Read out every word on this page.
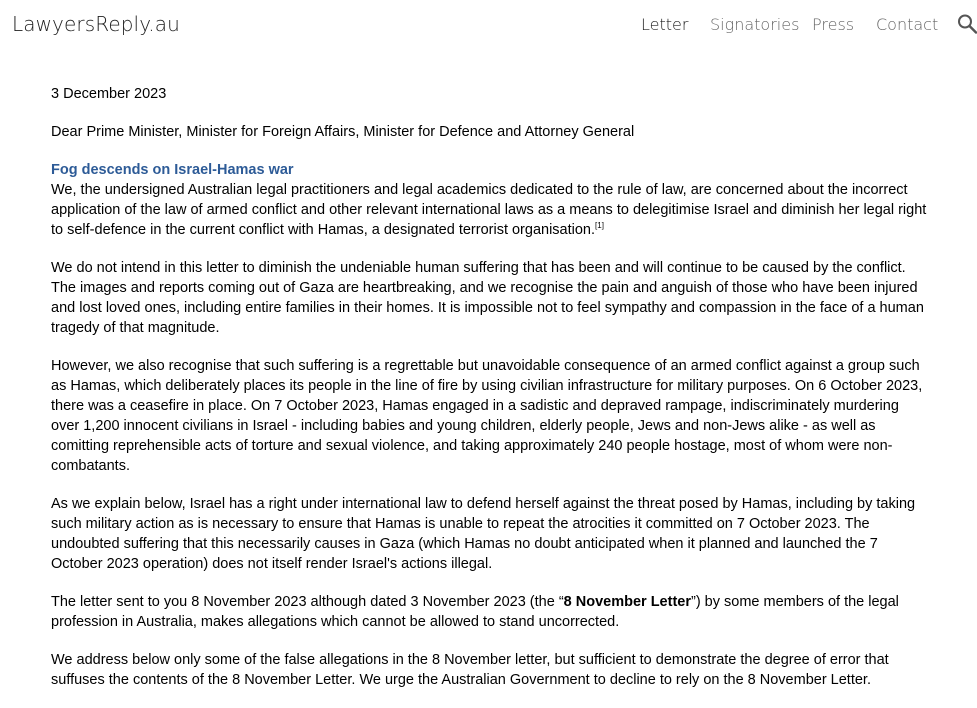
LawyersReply.au	Letter Signatories Press Contact

3 December 2023

Dear Prime Minister, Minister for Foreign Affairs, Minister for Defence and Attorney General

Fog descends on Israel-Hamas war

We, the undersigned Australian legal practitioners and legal academics dedicated to the rule of law, are concerned about the incorrect application of the law of armed conflict and other relevant international laws as a means to delegitimise Israel and diminish her legal right to self-defence in the current conflict with Hamas, a designated terrorist organisation.[1]

We do not intend in this letter to diminish the undeniable human suffering that has been and will continue to be caused by the conflict. The images and reports coming out of Gaza are heartbreaking, and we recognise the pain and anguish of those who have been injured and lost loved ones, including entire families in their homes. It is impossible not to feel sympathy and compassion in the face of a human tragedy of that magnitude.

However, we also recognise that such suffering is a regrettable but unavoidable consequence of an armed conflict against a group such as Hamas, which deliberately places its people in the line of fire by using civilian infrastructure for military purposes. On 6 October 2023, there was a ceasefire in place. On 7 October 2023, Hamas engaged in a sadistic and depraved rampage, indiscriminately murdering over 1,200 innocent civilians in Israel - including babies and young children, elderly people, Jews and non-Jews alike - as well as comitting reprehensible acts of torture and sexual violence, and taking approximately 240 people hostage, most of whom were non-combatants.

As we explain below, Israel has a right under international law to defend herself against the threat posed by Hamas, including by taking such military action as is necessary to ensure that Hamas is unable to repeat the atrocities it committed on 7 October 2023. The undoubted suffering that this necessarily causes in Gaza (which Hamas no doubt anticipated when it planned and launched the 7 October 2023 operation) does not itself render Israel's actions illegal.

The letter sent to you 8 November 2023 although dated 3 November 2023 (the “8 November Letter”) by some members of the legal profession in Australia, makes allegations which cannot be allowed to stand uncorrected.

We address below only some of the false allegations in the 8 November letter, but sufficient to demonstrate the degree of error that suffuses the contents of the 8 November Letter. We urge the Australian Government to decline to rely on the 8 November Letter.
